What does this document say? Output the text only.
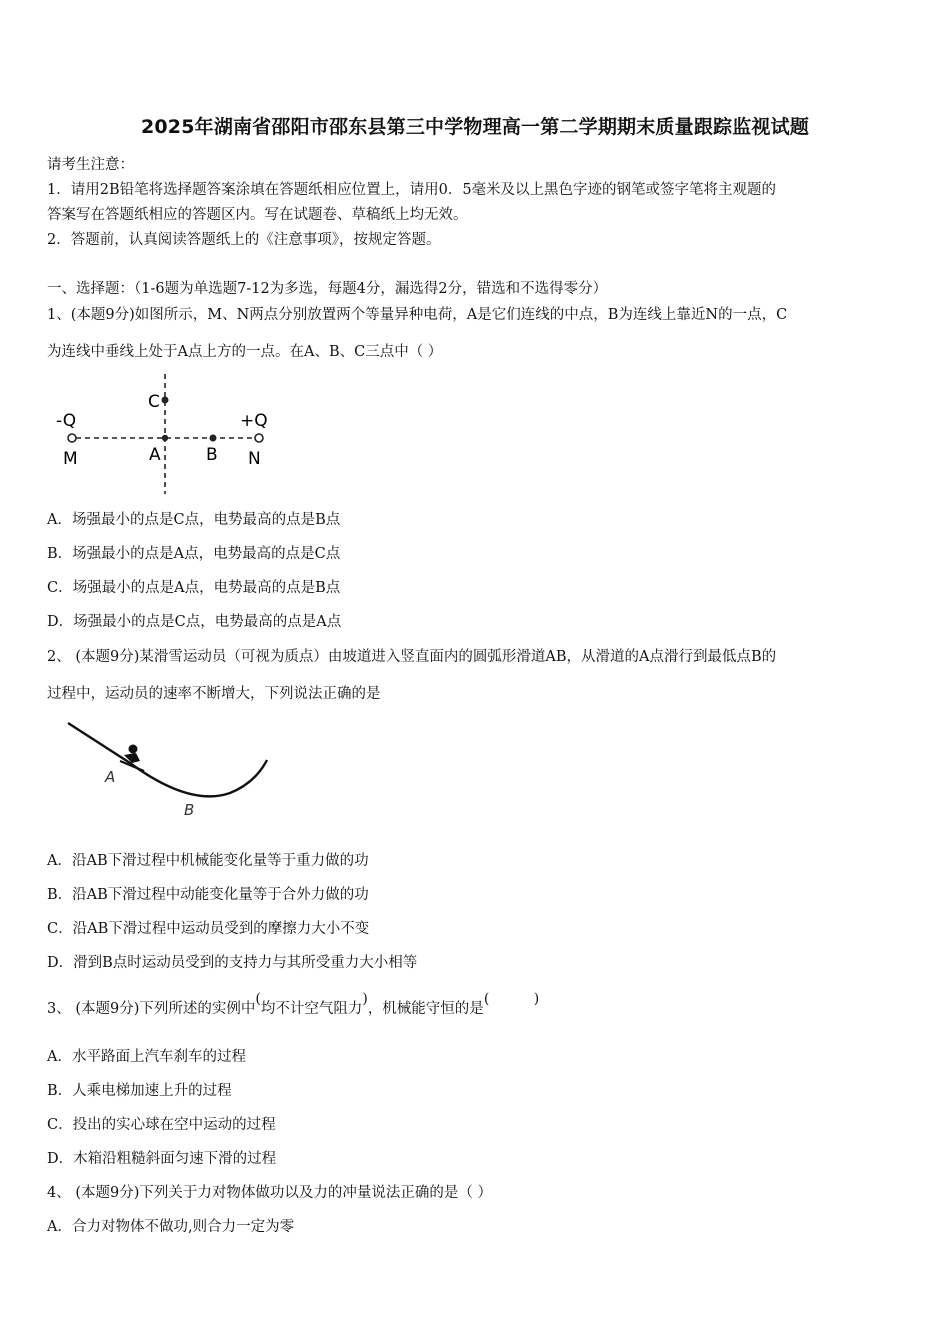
2025年湖南省邵阳市邵东县第三中学物理高一第二学期期末质量跟踪监视试题
请考生注意：
1．请用2B铅笔将选择题答案涂填在答题纸相应位置上，请用0．5毫米及以上黑色字迹的钢笔或签字笔将主观题的
答案写在答题纸相应的答题区内。写在试题卷、草稿纸上均无效。
2．答题前，认真阅读答题纸上的《注意事项》，按规定答题。
一、选择题：（1-6题为单选题7-12为多选，每题4分，漏选得2分，错选和不选得零分）
1、(本题9分)如图所示，M、N两点分别放置两个等量异种电荷，A是它们连线的中点，B为连线上靠近N的一点，C
为连线中垂线上处于A点上方的一点。在A、B、C三点中（ ）
C
-Q	+Q
M	A	B N
A．场强最小的点是C点，电势最高的点是B点
B．场强最小的点是A点，电势最高的点是C点
C．场强最小的点是A点，电势最高的点是B点
D．场强最小的点是C点，电势最高的点是A点
2、 (本题9分)某滑雪运动员（可视为质点）由坡道进入竖直面内的圆弧形滑道AB，从滑道的A点滑行到最低点B的
过程中，运动员的速率不断增大，下列说法正确的是
A
B
A．沿AB下滑过程中机械能变化量等于重力做的功
B．沿AB下滑过程中动能变化量等于合外力做的功
C．沿AB下滑过程中运动员受到的摩擦力大小不变
D．滑到B点时运动员受到的支持力与其所受重力大小相等
3、 (本题9分)下列所述的实例中(均不计空气阻力)，机械能守恒的是(          )
A．水平路面上汽车刹车的过程
B．人乘电梯加速上升的过程
C．投出的实心球在空中运动的过程
D．木箱沿粗糙斜面匀速下滑的过程
4、 (本题9分)下列关于力对物体做功以及力的冲量说法正确的是（ ）
A．合力对物体不做功,则合力一定为零
